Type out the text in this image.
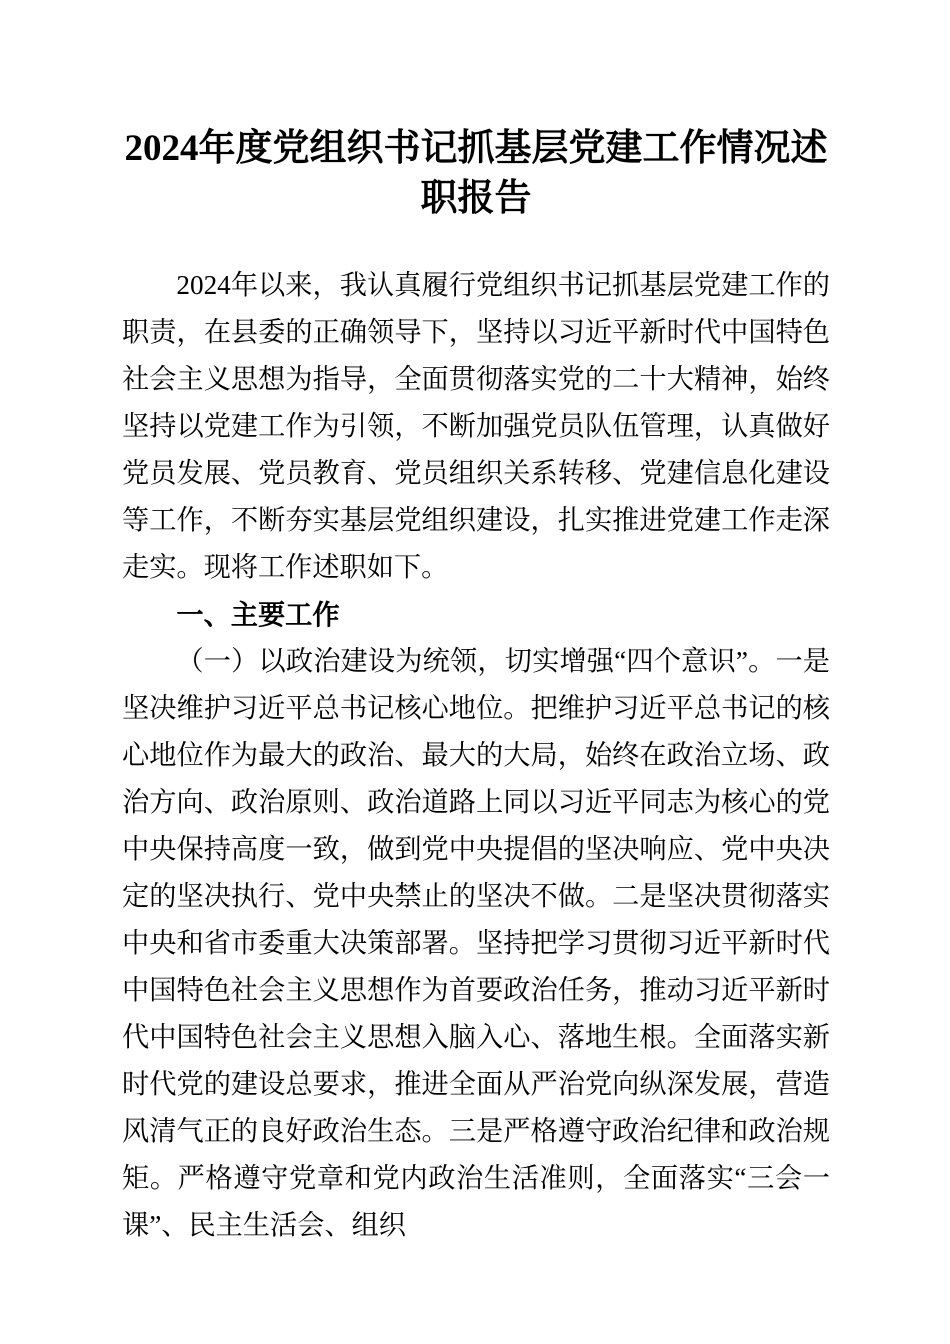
2024年度党组织书记抓基层党建工作情况述职报告

2024年以来，我认真履行党组织书记抓基层党建工作的职责，在县委的正确领导下，坚持以习近平新时代中国特色社会主义思想为指导，全面贯彻落实党的二十大精神，始终坚持以党建工作为引领，不断加强党员队伍管理，认真做好党员发展、党员教育、党员组织关系转移、党建信息化建设等工作，不断夯实基层党组织建设，扎实推进党建工作走深走实。现将工作述职如下。

一、主要工作

（一）以政治建设为统领，切实增强“四个意识”。一是坚决维护习近平总书记核心地位。把维护习近平总书记的核心地位作为最大的政治、最大的大局，始终在政治立场、政治方向、政治原则、政治道路上同以习近平同志为核心的党中央保持高度一致，做到党中央提倡的坚决响应、党中央决定的坚决执行、党中央禁止的坚决不做。二是坚决贯彻落实中央和省市委重大决策部署。坚持把学习贯彻习近平新时代中国特色社会主义思想作为首要政治任务，推动习近平新时代中国特色社会主义思想入脑入心、落地生根。全面落实新时代党的建设总要求，推进全面从严治党向纵深发展，营造风清气正的良好政治生态。三是严格遵守政治纪律和政治规矩。严格遵守党章和党内政治生活准则，全面落实“三会一课”、民主生活会、组织
